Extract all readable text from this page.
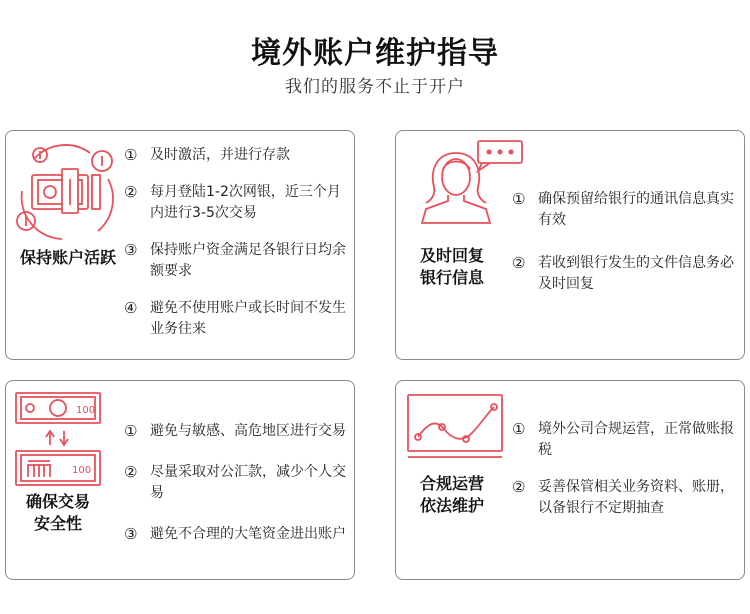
境外账户维护指导
我们的服务不止于开户
保持账户活跃
① 及时激活，并进行存款
② 每月登陆1-2次网银，近三个月内进行3-5次交易
③ 保持账户资金满足各银行日均余额要求
④ 避免不使用账户或长时间不发生业务往来
及时回复
银行信息
① 确保预留给银行的通讯信息真实有效
② 若收到银行发生的文件信息务必及时回复
100
100
确保交易
安全性
① 避免与敏感、高危地区进行交易
② 尽量采取对公汇款，减少个人交易
③ 避免不合理的大笔资金进出账户
合规运营
依法维护
① 境外公司合规运营，正常做账报税
② 妥善保管相关业务资料、账册，以备银行不定期抽查
